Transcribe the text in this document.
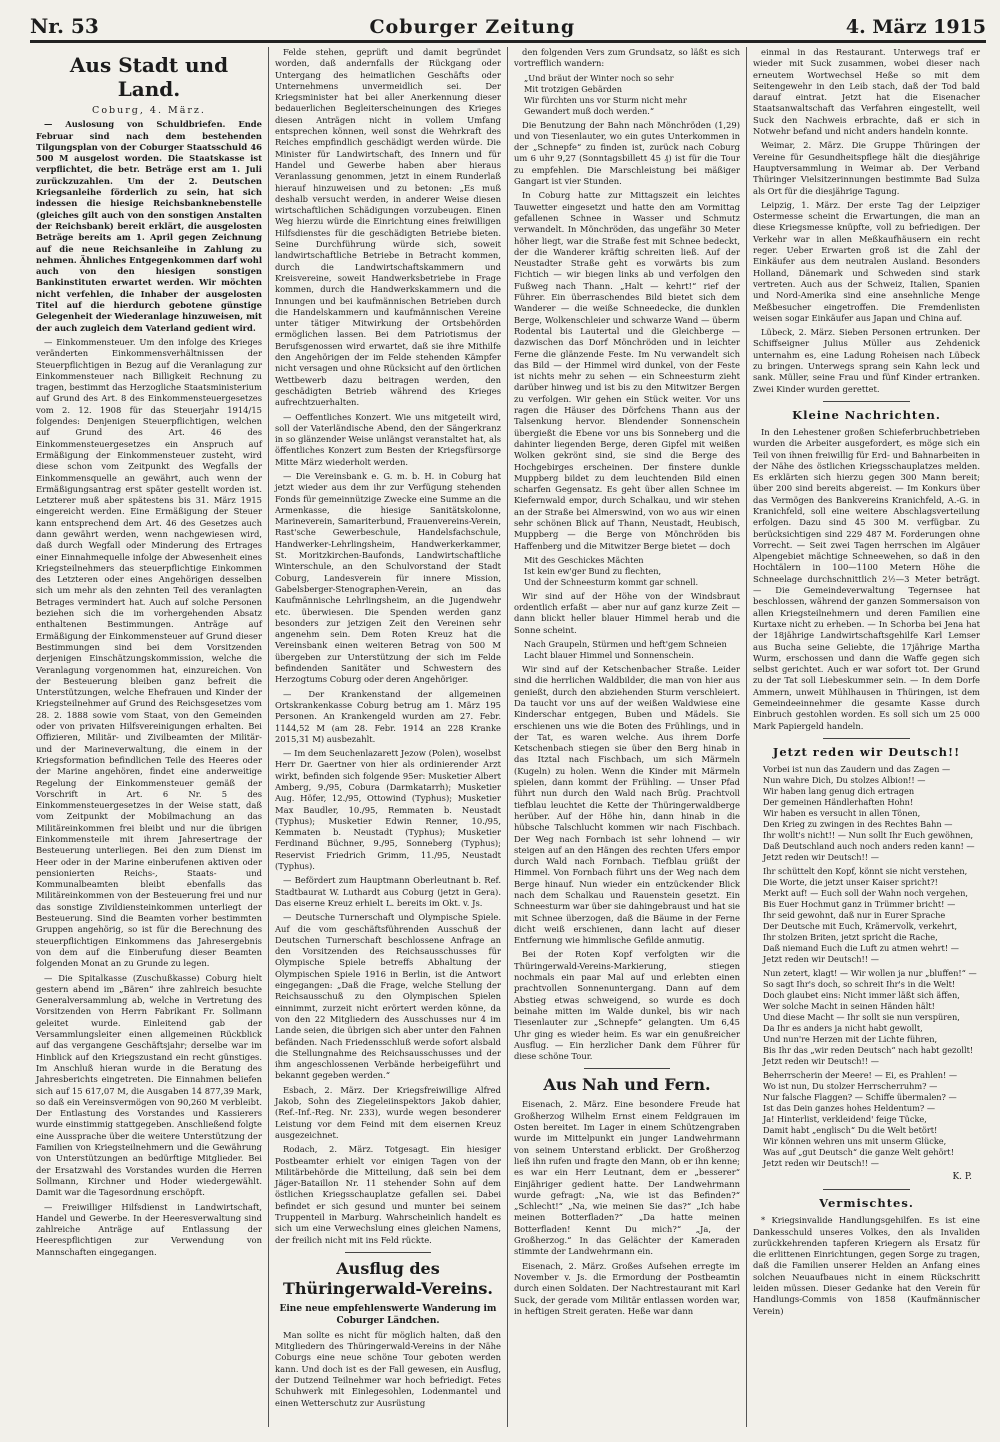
Nr. 53	Coburger Zeitung	4. März 1915
Aus Stadt und Land.
Coburg, 4. März.

— Auslosung von Schuldbriefen. Ende Februar sind nach dem bestehenden Tilgungsplan von der Coburger Staatsschuld 46 500 M ausgelost worden. Die Staatskasse ist verpflichtet, die betr. Beträge erst am 1. Juli zurückzuzahlen. Um der 2. Deutschen Kriegsanleihe förderlich zu sein, hat sich indessen die hiesige Reichsbanknebenstelle (gleiches gilt auch von den sonstigen Anstalten der Reichsbank) bereit erklärt, die ausgelosten Beträge bereits am 1. April gegen Zeichnung auf die neue Reichsanleihe in Zahlung zu nehmen. Ähnliches Entgegenkommen darf wohl auch von den hiesigen sonstigen Bankinstituten erwartet werden. Wir möchten nicht verfehlen, die Inhaber der ausgelosten Titel auf die hierdurch gebotene günstige Gelegenheit der Wiederanlage hinzuweisen, mit der auch zugleich dem Vaterland gedient wird.

— Einkommensteuer. Um den infolge des Krieges veränderten Einkommensverhältnissen der Steuerpflichtigen in Bezug auf die Veranlagung zur Einkommensteuer nach Billigkeit Rechnung zu tragen, bestimmt das Herzogliche Staatsministerium auf Grund des Art. 8 des Einkommensteuergesetzes vom 2. 12. 1908 für das Steuerjahr 1914/15 folgendes: Denjenigen Steuerpflichtigen, welchen auf Grund des Art. 46 des Einkommensteuergesetzes ein Anspruch auf Ermäßigung der Einkommensteuer zusteht, wird diese schon vom Zeitpunkt des Wegfalls der Einkommensquelle an gewährt, auch wenn der Ermäßigungsantrag erst später gestellt worden ist. Letzterer muß aber spätestens bis 31. März 1915 eingereicht werden. Eine Ermäßigung der Steuer kann entsprechend dem Art. 46 des Gesetzes auch dann gewährt werden, wenn nachgewiesen wird, daß durch Wegfall oder Minderung des Ertrages einer Einnahmequelle infolge der Abwesenheit eines Kriegsteilnehmers das steuerpflichtige Einkommen des Letzteren oder eines Angehörigen desselben sich um mehr als den zehnten Teil des veranlagten Betrages vermindert hat. Auch auf solche Personen beziehen sich die im vorhergehenden Absatz enthaltenen Bestimmungen. Anträge auf Ermäßigung der Einkommensteuer auf Grund dieser Bestimmungen sind bei dem Vorsitzenden derjenigen Einschätzungskommission, welche die Veranlagung vorgenommen hat, einzureichen. Von der Besteuerung bleiben ganz befreit die Unterstützungen, welche Ehefrauen und Kinder der Kriegsteilnehmer auf Grund des Reichsgesetzes vom 28. 2. 1888 sowie vom Staat, von den Gemeinden oder von privaten Hilfsvereinigungen erhalten. Bei Offizieren, Militär- und Zivilbeamten der Militär- und der Marineverwaltung, die einem in der Kriegsformation befindlichen Teile des Heeres oder der Marine angehören, findet eine anderweitige Regelung der Einkommensteuer gemäß der Vorschrift in Art. 6 Nr. 5 des Einkommensteuergesetzes in der Weise statt, daß vom Zeitpunkt der Mobilmachung an das Militäreinkommen frei bleibt und nur die übrigen Einkommensteile mit ihrem Jahresertrage der Besteuerung unterliegen. Bei den zum Dienst im Heer oder in der Marine einberufenen aktiven oder pensionierten Reichs-, Staats- und Kommunalbeamten bleibt ebenfalls das Militäreinkommen von der Besteuerung frei und nur das sonstige Zivildiensteinkommen unterliegt der Besteuerung. Sind die Beamten vorher bestimmten Gruppen angehörig, so ist für die Berechnung des steuerpflichtigen Einkommens das Jahresergebnis von dem auf die Einberufung dieser Beamten folgenden Monat an zu Grunde zu legen.

— Die Spitalkasse (Zuschußkasse) Coburg hielt gestern abend im „Bären“ ihre zahlreich besuchte Generalversammlung ab, welche in Vertretung des Vorsitzenden von Herrn Fabrikant Fr. Sollmann geleitet wurde. Einleitend gab der Versammlungsleiter einen allgemeinen Rückblick auf das vergangene Geschäftsjahr; derselbe war im Hinblick auf den Kriegszustand ein recht günstiges. Im Anschluß hieran wurde in die Beratung des Jahresberichts eingetreten. Die Einnahmen beliefen sich auf 15 617,07 M, die Ausgaben 14 877,39 Mark, so daß ein Vereinsvermögen von 90,260 M verbleibt. Der Entlastung des Vorstandes und Kassierers wurde einstimmig stattgegeben. Anschließend folgte eine Aussprache über die weitere Unterstützung der Familien von Kriegsteilnehmern und die Gewährung von Unterstützungen an bedürftige Mitglieder. Bei der Ersatzwahl des Vorstandes wurden die Herren Sollmann, Kirchner und Hoder wiedergewählt. Damit war die Tagesordnung erschöpft.

— Freiwilliger Hilfsdienst in Landwirtschaft, Handel und Gewerbe. In der Heeresverwaltung sind zahlreiche Anträge auf Entlassung der Heerespflichtigen zur Verwendung von Mannschaften eingegangen.

Felde stehen, geprüft und damit begründet worden, daß andernfalls der Rückgang oder Untergang des heimatlichen Geschäfts oder Unternehmens unvermeidlich sei. Der Kriegsminister hat bei aller Anerkennung dieser bedauerlichen Begleiterscheinungen des Krieges diesen Anträgen nicht in vollem Umfang entsprechen können, weil sonst die Wehrkraft des Reiches empfindlich geschädigt werden würde. Die Minister für Landwirtschaft, des Innern und für Handel und Gewerbe haben aber hieraus Veranlassung genommen, jetzt in einem Runderlaß hierauf hinzuweisen und zu betonen: „Es muß deshalb versucht werden, in anderer Weise diesen wirtschaftlichen Schädigungen vorzubeugen. Einen Weg hierzu würde die Einrichtung eines freiwilligen Hilfsdienstes für die geschädigten Betriebe bieten. Seine Durchführung würde sich, soweit landwirtschaftliche Betriebe in Betracht kommen, durch die Landwirtschaftskammern und Kreisvereine, soweit Handwerksbetriebe in Frage kommen, durch die Handwerkskammern und die Innungen und bei kaufmännischen Betrieben durch die Handelskammern und kaufmännischen Vereine unter tätiger Mitwirkung der Ortsbehörden ermöglichen lassen. Bei dem Patriotismus der Berufsgenossen wird erwartet, daß sie ihre Mithilfe den Angehörigen der im Felde stehenden Kämpfer nicht versagen und ohne Rücksicht auf den örtlichen Wettbewerb dazu beitragen werden, den geschädigten Betrieb während des Krieges aufrechtzuerhalten.

— Oeffentliches Konzert. Wie uns mitgeteilt wird, soll der Vaterländische Abend, den der Sängerkranz in so glänzender Weise unlängst veranstaltet hat, als öffentliches Konzert zum Besten der Kriegsfürsorge Mitte März wiederholt werden.

— Die Vereinsbank e. G. m. b. H. in Coburg hat jetzt wieder aus dem ihr zur Verfügung stehenden Fonds für gemeinnützige Zwecke eine Summe an die Armenkasse, die hiesige Sanitätskolonne, Marineverein, Samariterbund, Frauenvereins-Verein, Rast'sche Gewerbeschule, Handelsfachschule, Handwerker-Lehrlingsheim, Handwerkerkammer, St. Moritzkirchen-Baufonds, Landwirtschaftliche Winterschule, an den Schulvorstand der Stadt Coburg, Landesverein für innere Mission, Gabelsberger-Stenographen-Verein, an das Kaufmännische Lehrlingsheim, an die Jugendwehr etc. überwiesen. Die Spenden werden ganz besonders zur jetzigen Zeit den Vereinen sehr angenehm sein. Dem Roten Kreuz hat die Vereinsbank einen weiteren Betrag von 500 M übergeben zur Unterstützung der sich im Felde befindenden Sanitäter und Schwestern des Herzogtums Coburg oder deren Angehöriger.

— Der Krankenstand der allgemeinen Ortskrankenkasse Coburg betrug am 1. März 195 Personen. An Krankengeld wurden am 27. Febr. 1144,52 M (am 28. Febr. 1914 an 228 Kranke 2015,31 M) ausbezahlt.

— Im dem Seuchenlazarett Jezow (Polen), woselbst Herr Dr. Gaertner von hier als ordinierender Arzt wirkt, befinden sich folgende 95er: Musketier Albert Amberg, 9./95, Cobura (Darmkatarrh); Musketier Aug. Höfer, 12./95, Ottowind (Typhus); Musketier Max Baudler, 10./95, Remmaten b. Neustadt (Typhus); Musketier Edwin Renner, 10./95, Kemmaten b. Neustadt (Typhus); Musketier Ferdinand Büchner, 9./95, Sonneberg (Typhus); Reservist Friedrich Grimm, 11./95, Neustadt (Typhus).

— Befördert zum Hauptmann Oberleutnant b. Ref. Stadtbaurat W. Luthardt aus Coburg (jetzt in Gera). Das eiserne Kreuz erhielt L. bereits im Okt. v. Js.

— Deutsche Turnerschaft und Olympische Spiele. Auf die vom geschäftsführenden Ausschuß der Deutschen Turnerschaft beschlossene Anfrage an den Vorsitzenden des Reichsausschusses für Olympische Spiele betreffs Abhaltung der Olympischen Spiele 1916 in Berlin, ist die Antwort eingegangen: „Daß die Frage, welche Stellung der Reichsausschuß zu den Olympischen Spielen einnimmt, zurzeit nicht erörtert werden könne, da von den 22 Mitgliedern des Ausschusses nur 4 im Lande seien, die übrigen sich aber unter den Fahnen befänden. Nach Friedensschluß werde sofort alsbald die Stellungnahme des Reichsausschusses und der ihm angeschlossenen Verbände herbeigeführt und bekannt gegeben werden.“

Esbach, 2. März. Der Kriegsfreiwillige Alfred Jakob, Sohn des Ziegeleiinspektors Jakob dahier, (Ref.-Inf.-Reg. Nr. 233), wurde wegen besonderer Leistung vor dem Feind mit dem eisernen Kreuz ausgezeichnet.

Rodach, 2. März. Totgesagt. Ein hiesiger Postbeamter erhielt vor einigen Tagen von der Militärbehörde die Mitteilung, daß sein bei dem Jäger-Bataillon Nr. 11 stehender Sohn auf dem östlichen Kriegsschauplatze gefallen sei. Dabei befindet er sich gesund und munter bei seinem Truppenteil in Marburg. Wahrscheinlich handelt es sich um eine Verwechslung eines gleichen Namens, der freilich nicht mit ins Feld rückte.

Ausflug des Thüringerwald-Vereins.
Eine neue empfehlenswerte Wanderung im Coburger Ländchen.

Man sollte es nicht für möglich halten, daß den Mitgliedern des Thüringerwald-Vereins in der Nähe Coburgs eine neue schöne Tour geboten werden kann. Und doch ist es der Fall gewesen, ein Ausflug, der Dutzend Teilnehmer war hoch befriedigt. Fetes Schuhwerk mit Einlegesohlen, Lodenmantel und einen Wetterschutz zur Ausrüstung

den folgenden Vers zum Grundsatz, so läßt es sich vortrefflich wandern:

„Und bräut der Winter noch so sehr
Mit trotzigen Gebärden
Wir fürchten uns vor Sturm nicht mehr
Gewandert muß doch werden.“

Die Benutzung der Bahn nach Mönchröden (1,29) und von Tiesenlauter, wo ein gutes Unterkommen in der „Schnepfe“ zu finden ist, zurück nach Coburg um 6 uhr 9,27 (Sonntagsbillett 45 ₰) ist für die Tour zu empfehlen. Die Marschleistung bei mäßiger Gangart ist vier Stunden.

In Coburg hatte zur Mittagszeit ein leichtes Tauwetter eingesetzt und hatte den am Vormittag gefallenen Schnee in Wasser und Schmutz verwandelt. In Mönchröden, das ungefähr 30 Meter höher liegt, war die Straße fest mit Schnee bedeckt, der die Wanderer kräftig schreiten ließ. Auf der Neustadter Straße geht es vorwärts bis zum Fichtich — wir biegen links ab und verfolgen den Fußweg nach Thann. „Halt — kehrt!“ rief der Führer. Ein überraschendes Bild bietet sich dem Wanderer — die weiße Schneedecke, die dunklen Berge, Wolkenschleier und schwarze Wand — überm Rodental bis Lautertal und die Gleichberge — dazwischen das Dorf Mönchröden und in leichter Ferne die glänzende Feste. Im Nu verwandelt sich das Bild — der Himmel wird dunkel, von der Feste ist nichts mehr zu sehen — ein Schneesturm zieht darüber hinweg und ist bis zu den Mitwitzer Bergen zu verfolgen. Wir gehen ein Stück weiter. Vor uns ragen die Häuser des Dörfchens Thann aus der Talsenkung hervor. Blendender Sonnenschein übergießt die Ebene vor uns bis Sonneberg und die dahinter liegenden Berge, deren Gipfel mit weißen Wolken gekrönt sind, sie sind die Berge des Hochgebirges erscheinen. Der finstere dunkle Muppberg bildet zu dem leuchtenden Bild einen scharfen Gegensatz. Es geht über allen Schnee im Kiefernwald empor, durch Schalkau, und wir stehen an der Straße bei Almerswind, von wo aus wir einen sehr schönen Blick auf Thann, Neustadt, Heubisch, Muppberg — die Berge von Mönchröden bis Haffenberg und die Mitwitzer Berge bietet — doch

Mit des Geschickes Mächten
Ist kein ew'ger Bund zu flechten,
Und der Schneesturm kommt gar schnell.

Wir sind auf der Höhe von der Windsbraut ordentlich erfaßt — aber nur auf ganz kurze Zeit — dann blickt heller blauer Himmel herab und die Sonne scheint.

Nach Graupeln, Stürmen und heft'gem Schneien
Lacht blauer Himmel und Sonnenschein.

Wir sind auf der Ketschenbacher Straße. Leider sind die herrlichen Waldbilder, die man von hier aus genießt, durch den abziehenden Sturm verschleiert. Da taucht vor uns auf der weißen Waldwiese eine Kinderschar entgegen, Buben und Mädels. Sie erschienen uns wie die Boten des Frühlings, und in der Tat, es waren welche. Aus ihrem Dorfe Ketschenbach stiegen sie über den Berg hinab in das Itztal nach Fischbach, um sich Märmeln (Kugeln) zu holen. Wenn die Kinder mit Märmeln spielen, dann kommt der Frühling. — Unser Pfad führt nun durch den Wald nach Brüg. Prachtvoll tiefblau leuchtet die Kette der Thüringerwaldberge herüber. Auf der Höhe hin, dann hinab in die hübsche Talschlucht kommen wir nach Fischbach. Der Weg nach Fornbach ist sehr lohnend — wir steigen auf an den Hängen des rechten Ufers empor durch Wald nach Fornbach. Tiefblau grüßt der Himmel. Von Fornbach führt uns der Weg nach dem Berge hinauf. Nun wieder ein entzückender Blick nach dem Schalkau und Rauenstein gesetzt. Ein Schneesturm war über sie dahingebraust und hat sie mit Schnee überzogen, daß die Bäume in der Ferne dicht weiß erschienen, dann lacht auf dieser Entfernung wie himmlische Gefilde anmutig.

Bei der Roten Kopf verfolgten wir die Thüringerwald-Vereins-Markierung, stiegen nochmals ein paar Mal auf und erlebten einen prachtvollen Sonnenuntergang. Dann auf dem Abstieg etwas schweigend, so wurde es doch beinahe mitten im Walde dunkel, bis wir nach Tiesenlauter zur „Schnepfe“ gelangten. Um 6,45 Uhr ging es wieder heim. Es war ein genußreicher Ausflug. — Ein herzlicher Dank dem Führer für diese schöne Tour.

Aus Nah und Fern.

Eisenach, 2. März. Eine besondere Freude hat Großherzog Wilhelm Ernst einem Feldgrauen im Osten bereitet. Im Lager in einem Schützengraben wurde im Mittelpunkt ein junger Landwehrmann von seinem Unterstand erblickt. Der Großherzog ließ ihn rufen und fragte den Mann, ob er ihn kenne; es war ein Herr Leutnant, dem er „besserer“ Einjähriger gedient hatte. Der Landwehrmann wurde gefragt: „Na, wie ist das Befinden?“ „Schlecht!“ „Na, wie meinen Sie das?“ „Ich habe meinen Botterfladen?“ „Da hatte meinen Botterfladen! Kennt Du mich?“ „Ja, der Großherzog.“ In das Gelächter der Kameraden stimmte der Landwehrmann ein.

Eisenach, 2. März. Großes Aufsehen erregte im November v. Js. die Ermordung der Postbeamtin durch einen Soldaten. Der Nachtrestaurant mit Karl Suck, der gerade vom Militär entlassen worden war, in heftigen Streit geraten. Heße war dann

einmal in das Restaurant. Unterwegs traf er wieder mit Suck zusammen, wobei dieser nach erneutem Wortwechsel Heße so mit dem Seitengewehr in den Leib stach, daß der Tod bald darauf eintrat. Jetzt hat die Eisenacher Staatsanwaltschaft das Verfahren eingestellt, weil Suck den Nachweis erbrachte, daß er sich in Notwehr befand und nicht anders handeln konnte.

Weimar, 2. März. Die Gruppe Thüringen der Vereine für Gesundheitspflege hält die diesjährige Hauptversammlung in Weimar ab. Der Verband Thüringer Vielsitzerinnungen bestimmte Bad Sulza als Ort für die diesjährige Tagung.

Leipzig, 1. März. Der erste Tag der Leipziger Ostermesse scheint die Erwartungen, die man an diese Kriegsmesse knüpfte, voll zu befriedigen. Der Verkehr war in allen Meßkaufhäusern ein recht reger. Ueber Erwarten groß ist die Zahl der Einkäufer aus dem neutralen Ausland. Besonders Holland, Dänemark und Schweden sind stark vertreten. Auch aus der Schweiz, Italien, Spanien und Nord-Amerika sind eine ansehnliche Menge Meßbesucher eingetroffen. Die Fremdenlisten weisen sogar Einkäufer aus Japan und China auf.

Lübeck, 2. März. Sieben Personen ertrunken. Der Schiffseigner Julius Müller aus Zehdenick unternahm es, eine Ladung Roheisen nach Lübeck zu bringen. Unterwegs sprang sein Kahn leck und sank. Müller, seine Frau und fünf Kinder ertranken. Zwei Kinder wurden gerettet.

Kleine Nachrichten.

In den Lehestener großen Schieferbruchbetrieben wurden die Arbeiter ausgefordert, es möge sich ein Teil von ihnen freiwillig für Erd- und Bahnarbeiten in der Nähe des östlichen Kriegsschauplatzes melden. Es erklärten sich hierzu gegen 300 Mann bereit; über 200 sind bereits abgereist. — Im Konkurs über das Vermögen des Bankvereins Kranichfeld, A.-G. in Kranichfeld, soll eine weitere Abschlagsverteilung erfolgen. Dazu sind 45 300 M. verfügbar. Zu berücksichtigen sind 229 487 M. Forderungen ohne Vorrecht. — Seit zwei Tagen herrschen im Algäuer Alpengebiet mächtige Schneewehen, so daß in den Hochtälern in 100—1100 Metern Höhe die Schneelage durchschnittlich 2½—3 Meter beträgt. — Die Gemeindeverwaltung Tegernsee hat beschlossen, während der ganzen Sommersaison von allen Kriegsteilnehmern und deren Familien eine Kurtaxe nicht zu erheben. — In Schorba bei Jena hat der 18jährige Landwirtschaftsgehilfe Karl Lemser aus Bucha seine Geliebte, die 17jährige Martha Wurm, erschossen und dann die Waffe gegen sich selbst gerichtet. Auch er war sofort tot. Der Grund zu der Tat soll Liebeskummer sein. — In dem Dorfe Ammern, unweit Mühlhausen in Thüringen, ist dem Gemeindeeinnehmer die gesamte Kasse durch Einbruch gestohlen worden. Es soll sich um 25 000 Mark Papiergeld handeln.

Jetzt reden wir Deutsch!!
Vorbei ist nun das Zaudern und das Zagen —
Nun wahre Dich, Du stolzes Albion!! —
Wir haben lang genug dich ertragen
Der gemeinen Händlerhaften Hohn!
Wir haben es versucht in allen Tönen,
Den Krieg zu zwingen in des Rechtes Bahn —
Ihr wollt's nicht!! — Nun sollt Ihr Euch gewöhnen,
Daß Deutschland auch noch anders reden kann! —
Jetzt reden wir Deutsch!! —
Ihr schüttelt den Kopf, könnt sie nicht verstehen,
Die Worte, die jetzt unser Kaiser spricht?!
Merkt auf! — Euch soll der Wahn noch vergehen,
Bis Euer Hochmut ganz in Trümmer bricht! —
Ihr seid gewohnt, daß nur in Eurer Sprache
Der Deutsche mit Euch, Krämervolk, verkehrt,
Ihr stolzen Briten, jetzt spricht die Rache,
Daß niemand Euch die Luft zu atmen wehrt! —
Jetzt reden wir Deutsch!! —
Nun zetert, klagt! — Wir wollen ja nur „bluffen!“ —
So sagt Ihr's doch, so schreit Ihr's in die Welt!
Doch glaubet eins: Nicht immer läßt sich äffen,
Wer solche Macht in seinen Händen hält!
Und diese Macht — Ihr sollt sie nun verspüren,
Da Ihr es anders ja nicht habt gewollt,
Und nun're Herzen mit der Lichte führen,
Bis Ihr das „wir reden Deutsch“ nach habt gezollt!
Jetzt reden wir Deutsch!! —
Beherrscherin der Meere! — Ei, es Prahlen! —
Wo ist nun, Du stolzer Herrscherruhm? —
Nur falsche Flaggen? — Schiffe übermalen? —
Ist das Dein ganzes hohes Heldentum? —
Ja! Hinterlist, verkleidend' feige Tücke,
Damit habt „englisch“ Du die Welt betört!
Wir können wehren uns mit unserm Glücke,
Was auf „gut Deutsch“ die ganze Welt gehört!
Jetzt reden wir Deutsch!! —
K. P.
Vermischtes.

* Kriegsinvalide Handlungsgehilfen. Es ist eine Dankesschuld unseres Volkes, den als Invaliden zurückkehrenden tapferen Kriegern als Ersatz für die erlittenen Einrichtungen, gegen Sorge zu tragen, daß die Familien unserer Helden an Anfang eines solchen Neuaufbaues nicht in einem Rückschritt leiden müssen. Dieser Gedanke hat den Verein für Handlungs-Commis von 1858 (Kaufmännischer Verein)
